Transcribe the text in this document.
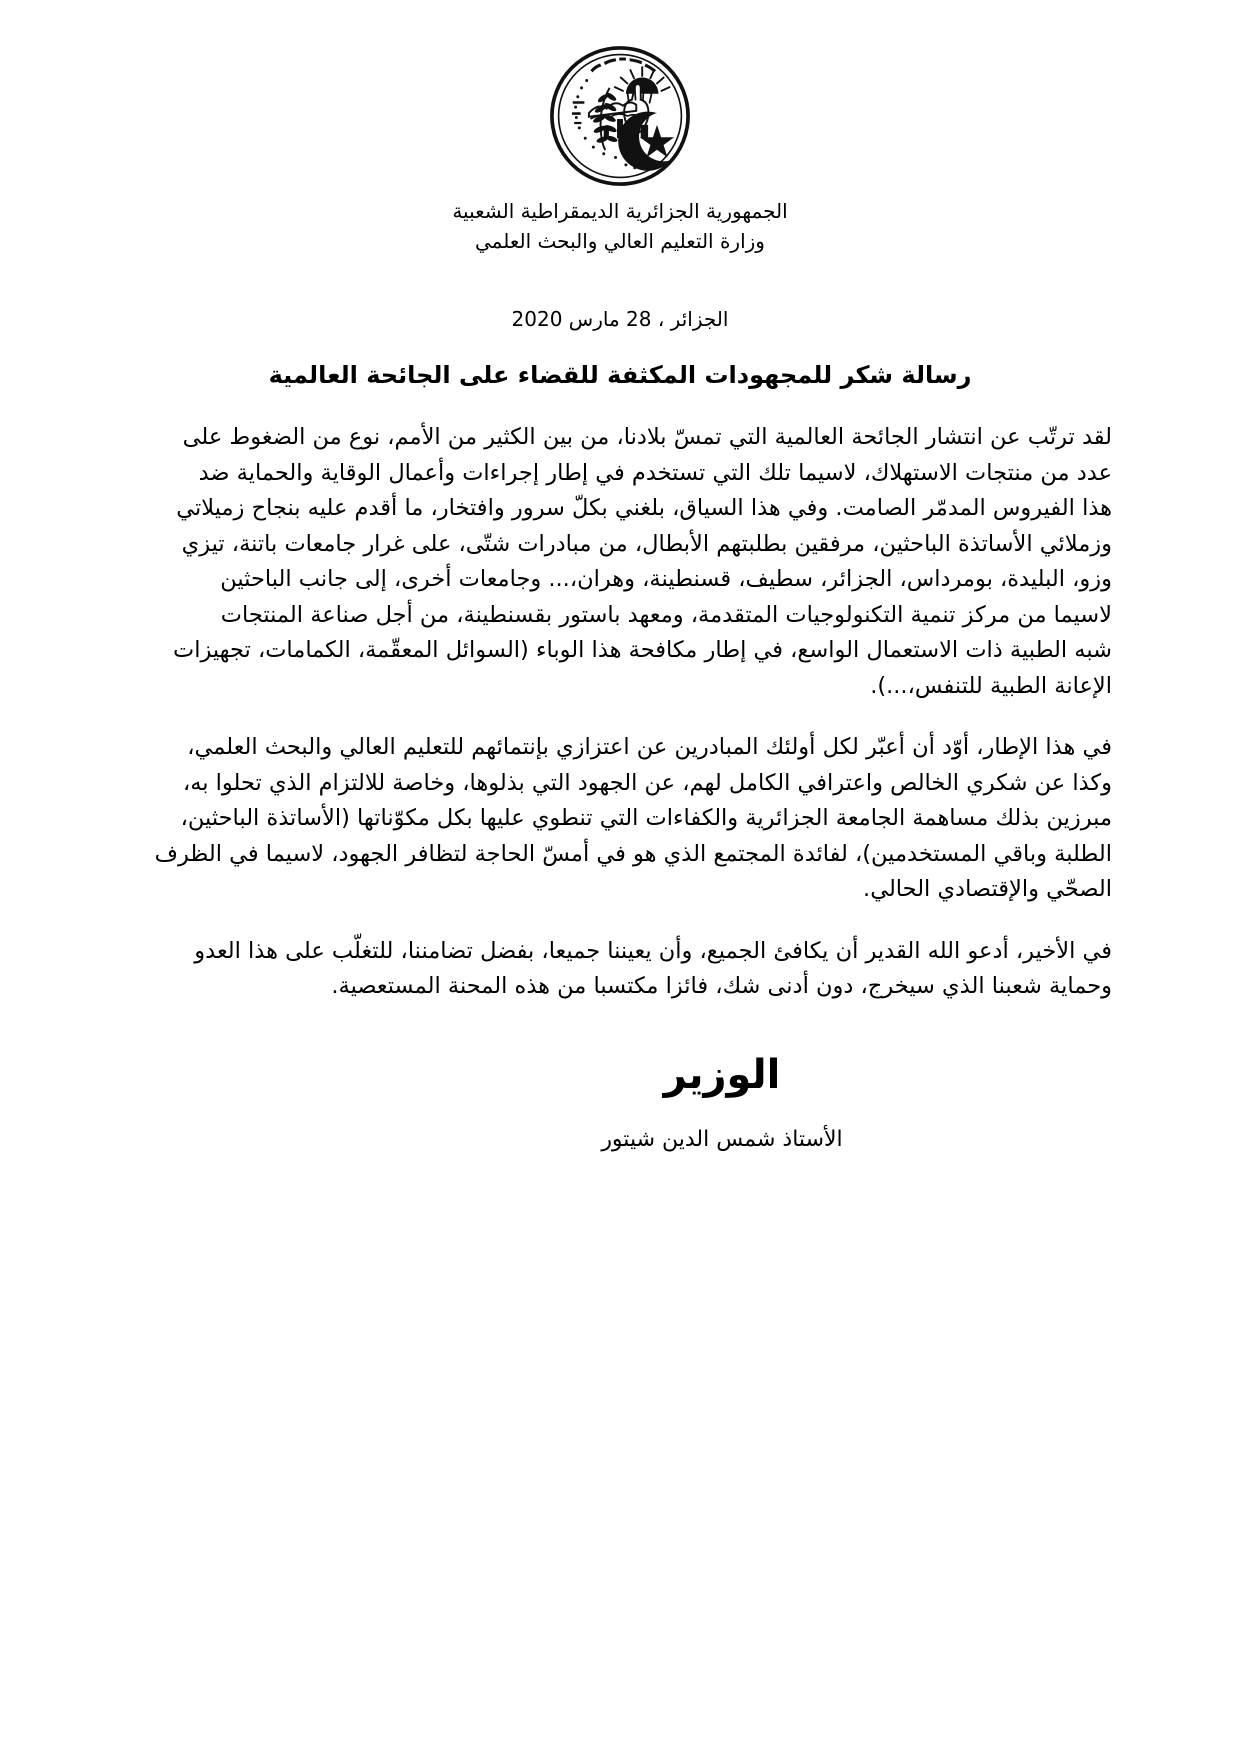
الجمهورية الجزائرية الديمقراطية الشعبية
وزارة التعليم العالي والبحث العلمي
الجزائر ، 28 مارس 2020
رسالة شكر للمجهودات المكثفة للقضاء على الجائحة العالمية
لقد ترتّب عن انتشار الجائحة العالمية التي تمسّ بلادنا، من بين الكثير من الأمم، نوع من الضغوط على
عدد من منتجات الاستهلاك، لاسيما تلك التي تستخدم في إطار إجراءات وأعمال الوقاية والحماية ضد
هذا الفيروس المدمّر الصامت. وفي هذا السياق، بلغني بكلّ سرور وافتخار، ما أقدم عليه بنجاح زميلاتي
وزملائي الأساتذة الباحثين، مرفقين بطلبتهم الأبطال، من مبادرات شتّى، على غرار جامعات باتنة، تيزي
وزو، البليدة، بومرداس، الجزائر، سطيف، قسنطينة، وهران،... وجامعات أخرى، إلى جانب الباحثين
لاسيما من مركز تنمية التكنولوجيات المتقدمة، ومعهد باستور بقسنطينة، من أجل صناعة المنتجات
شبه الطبية ذات الاستعمال الواسع، في إطار مكافحة هذا الوباء (السوائل المعقّمة، الكمامات، تجهيزات
الإعانة الطبية للتنفس،...).
في هذا الإطار، أوّد أن أعبّر لكل أولئك المبادرين عن اعتزازي بإنتمائهم للتعليم العالي والبحث العلمي،
وكذا عن شكري الخالص واعترافي الكامل لهم، عن الجهود التي بذلوها، وخاصة للالتزام الذي تحلوا به،
مبرزين بذلك مساهمة الجامعة الجزائرية والكفاءات التي تنطوي عليها بكل مكوّناتها (الأساتذة الباحثين،
الطلبة وباقي المستخدمين)، لفائدة المجتمع الذي هو في أمسّ الحاجة لتظافر الجهود، لاسيما في الظرف
الصحّي والإقتصادي الحالي.
في الأخير، أدعو الله القدير أن يكافئ الجميع، وأن يعيننا جميعا، بفضل تضامننا، للتغلّب على هذا العدو
وحماية شعبنا الذي سيخرج، دون أدنى شك، فائزا مكتسبا من هذه المحنة المستعصية.
الوزير
الأستاذ شمس الدين شيتور
